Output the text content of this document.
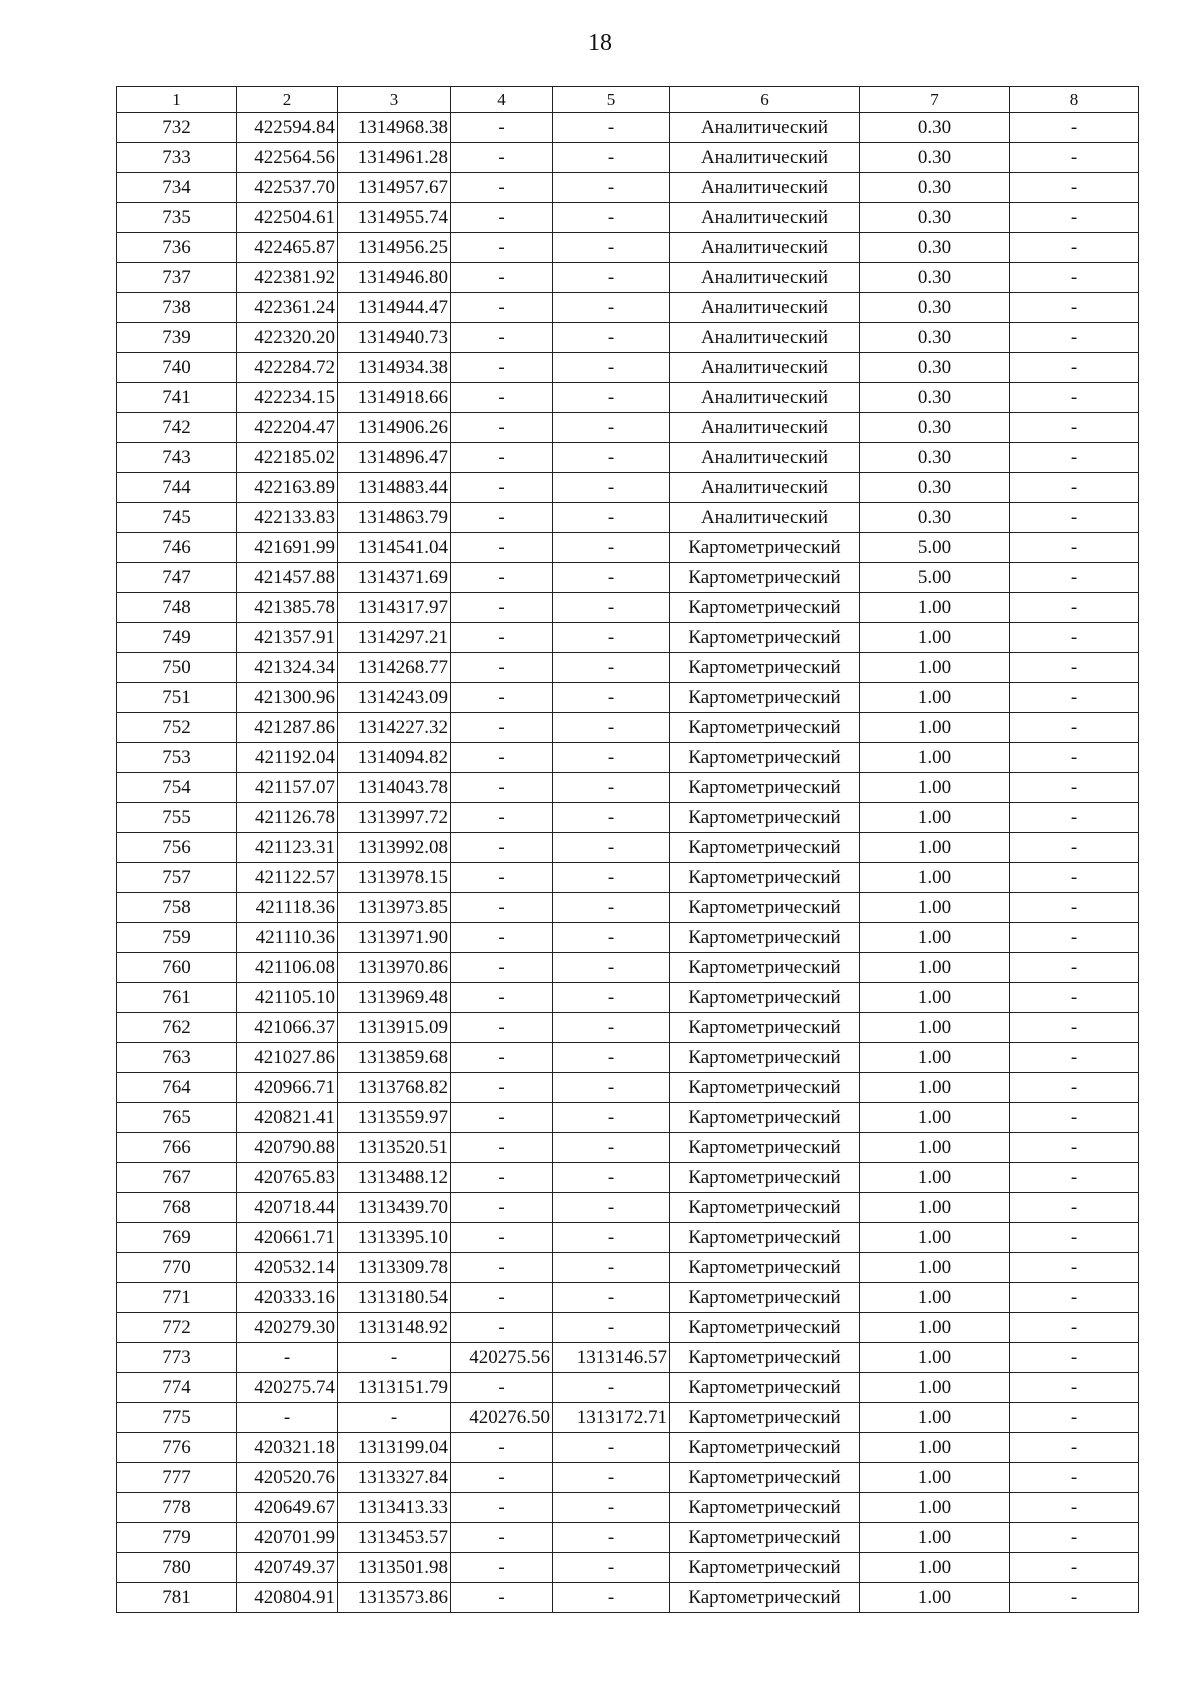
18
1	2	3	4	5	6	7	8
732	422594.84	1314968.38	-	-	Аналитический	0.30	-
733	422564.56	1314961.28	-	-	Аналитический	0.30	-
734	422537.70	1314957.67	-	-	Аналитический	0.30	-
735	422504.61	1314955.74	-	-	Аналитический	0.30	-
736	422465.87	1314956.25	-	-	Аналитический	0.30	-
737	422381.92	1314946.80	-	-	Аналитический	0.30	-
738	422361.24	1314944.47	-	-	Аналитический	0.30	-
739	422320.20	1314940.73	-	-	Аналитический	0.30	-
740	422284.72	1314934.38	-	-	Аналитический	0.30	-
741	422234.15	1314918.66	-	-	Аналитический	0.30	-
742	422204.47	1314906.26	-	-	Аналитический	0.30	-
743	422185.02	1314896.47	-	-	Аналитический	0.30	-
744	422163.89	1314883.44	-	-	Аналитический	0.30	-
745	422133.83	1314863.79	-	-	Аналитический	0.30	-
746	421691.99	1314541.04	-	-	Картометрический	5.00	-
747	421457.88	1314371.69	-	-	Картометрический	5.00	-
748	421385.78	1314317.97	-	-	Картометрический	1.00	-
749	421357.91	1314297.21	-	-	Картометрический	1.00	-
750	421324.34	1314268.77	-	-	Картометрический	1.00	-
751	421300.96	1314243.09	-	-	Картометрический	1.00	-
752	421287.86	1314227.32	-	-	Картометрический	1.00	-
753	421192.04	1314094.82	-	-	Картометрический	1.00	-
754	421157.07	1314043.78	-	-	Картометрический	1.00	-
755	421126.78	1313997.72	-	-	Картометрический	1.00	-
756	421123.31	1313992.08	-	-	Картометрический	1.00	-
757	421122.57	1313978.15	-	-	Картометрический	1.00	-
758	421118.36	1313973.85	-	-	Картометрический	1.00	-
759	421110.36	1313971.90	-	-	Картометрический	1.00	-
760	421106.08	1313970.86	-	-	Картометрический	1.00	-
761	421105.10	1313969.48	-	-	Картометрический	1.00	-
762	421066.37	1313915.09	-	-	Картометрический	1.00	-
763	421027.86	1313859.68	-	-	Картометрический	1.00	-
764	420966.71	1313768.82	-	-	Картометрический	1.00	-
765	420821.41	1313559.97	-	-	Картометрический	1.00	-
766	420790.88	1313520.51	-	-	Картометрический	1.00	-
767	420765.83	1313488.12	-	-	Картометрический	1.00	-
768	420718.44	1313439.70	-	-	Картометрический	1.00	-
769	420661.71	1313395.10	-	-	Картометрический	1.00	-
770	420532.14	1313309.78	-	-	Картометрический	1.00	-
771	420333.16	1313180.54	-	-	Картометрический	1.00	-
772	420279.30	1313148.92	-	-	Картометрический	1.00	-
773	-	-	420275.56	1313146.57	Картометрический	1.00	-
774	420275.74	1313151.79	-	-	Картометрический	1.00	-
775	-	-	420276.50	1313172.71	Картометрический	1.00	-
776	420321.18	1313199.04	-	-	Картометрический	1.00	-
777	420520.76	1313327.84	-	-	Картометрический	1.00	-
778	420649.67	1313413.33	-	-	Картометрический	1.00	-
779	420701.99	1313453.57	-	-	Картометрический	1.00	-
780	420749.37	1313501.98	-	-	Картометрический	1.00	-
781	420804.91	1313573.86	-	-	Картометрический	1.00	-
